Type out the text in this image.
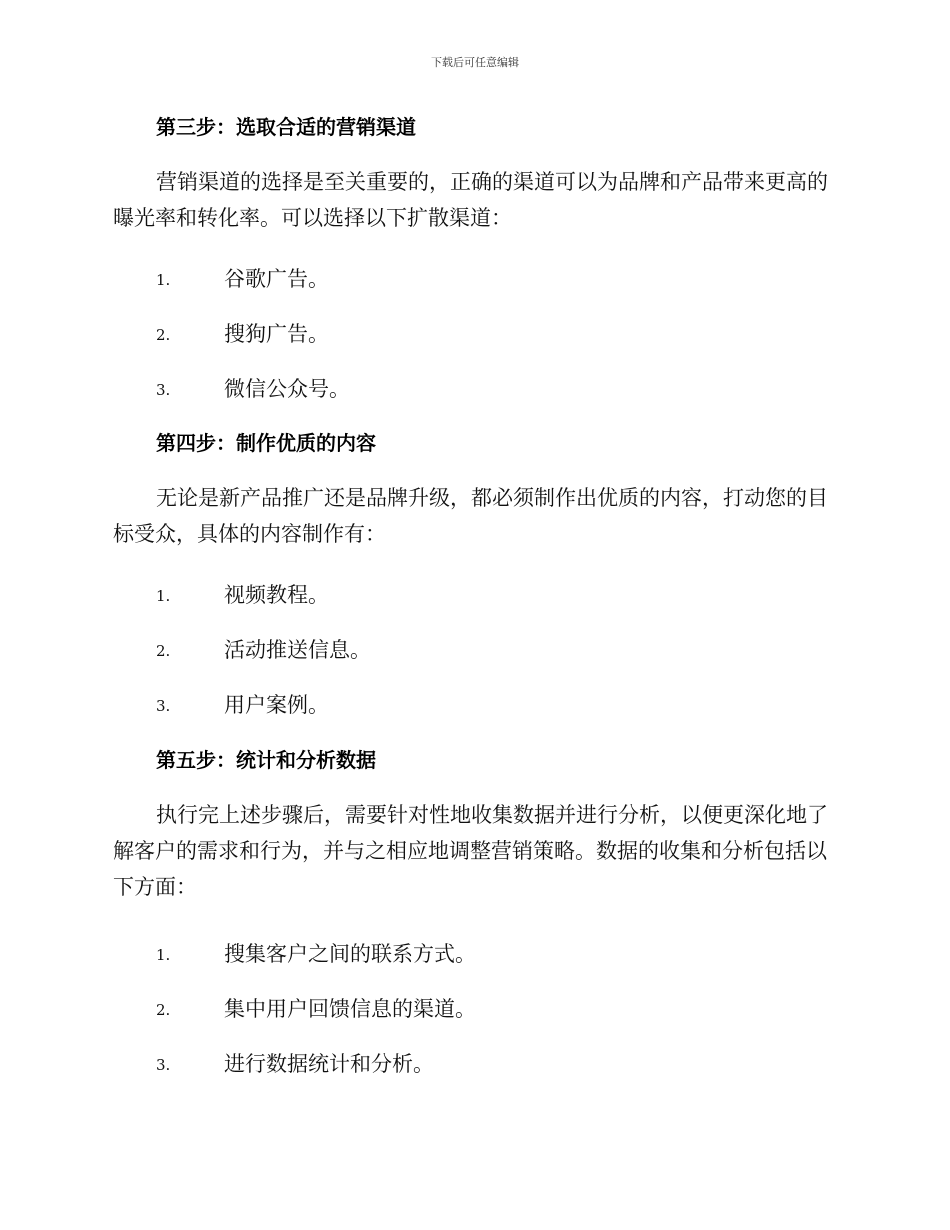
下载后可任意编辑
第三步：选取合适的营销渠道
营销渠道的选择是至关重要的，正确的渠道可以为品牌和产品带来更高的曝光率和转化率。可以选择以下扩散渠道：
1.	谷歌广告。
2.	搜狗广告。
3.	微信公众号。
第四步：制作优质的内容
无论是新产品推广还是品牌升级，都必须制作出优质的内容，打动您的目标受众，具体的内容制作有：
1.	视频教程。
2.	活动推送信息。
3.	用户案例。
第五步：统计和分析数据
执行完上述步骤后，需要针对性地收集数据并进行分析，以便更深化地了解客户的需求和行为，并与之相应地调整营销策略。数据的收集和分析包括以下方面：
1.	搜集客户之间的联系方式。
2.	集中用户回馈信息的渠道。
3.	进行数据统计和分析。
